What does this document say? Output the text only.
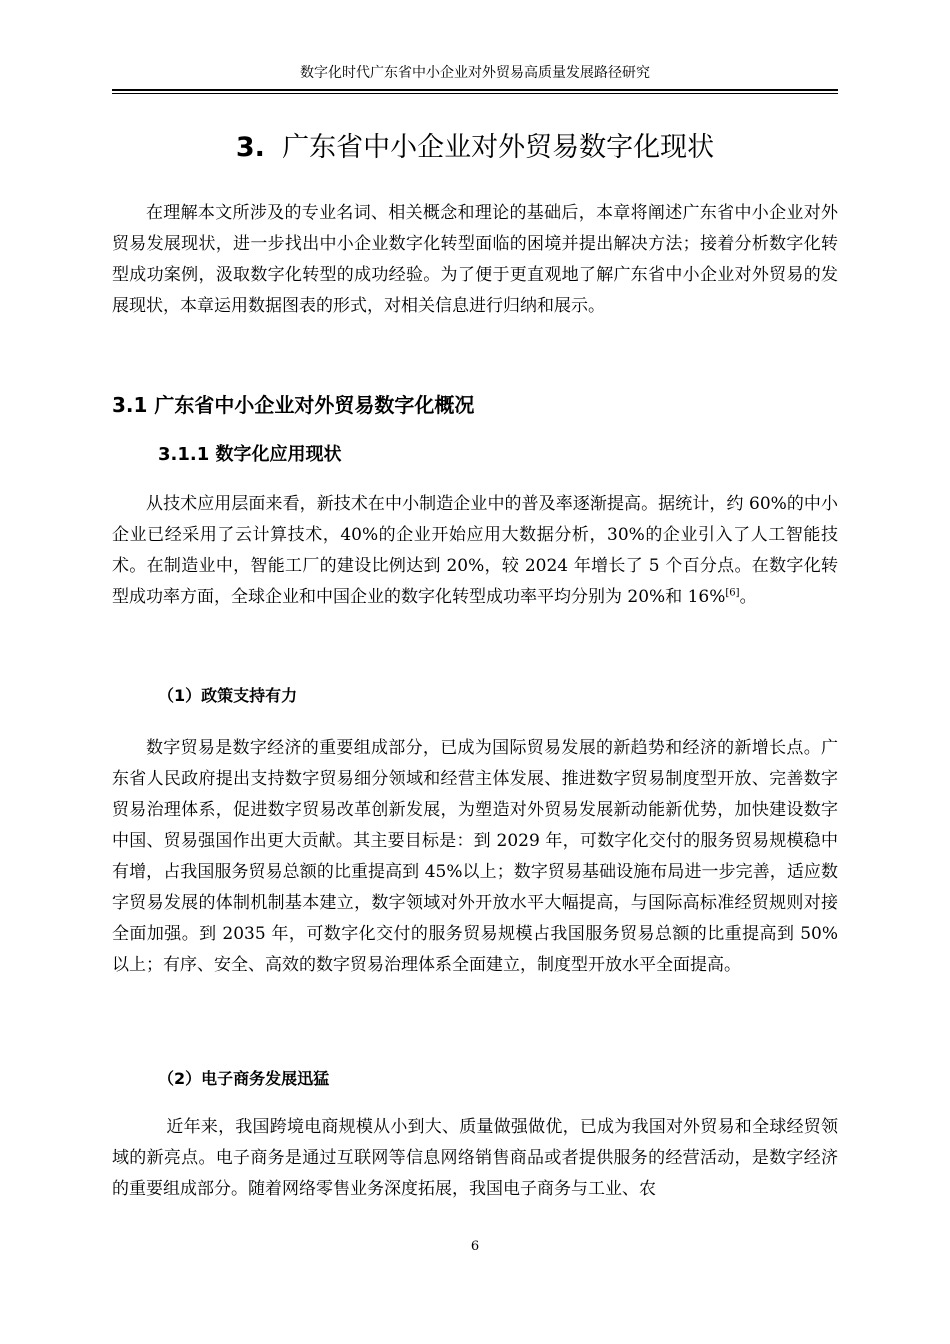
数字化时代广东省中小企业对外贸易高质量发展路径研究
3. 广东省中小企业对外贸易数字化现状
在理解本文所涉及的专业名词、相关概念和理论的基础后，本章将阐述广东省中小企业对外贸易发展现状，进一步找出中小企业数字化转型面临的困境并提出解决方法；接着分析数字化转型成功案例，汲取数字化转型的成功经验。为了便于更直观地了解广东省中小企业对外贸易的发展现状，本章运用数据图表的形式，对相关信息进行归纳和展示。
3.1 广东省中小企业对外贸易数字化概况
3.1.1 数字化应用现状
从技术应用层面来看，新技术在中小制造企业中的普及率逐渐提高。据统计，约 60%的中小企业已经采用了云计算技术，40%的企业开始应用大数据分析，30%的企业引入了人工智能技术。在制造业中，智能工厂的建设比例达到 20%，较 2024 年增长了 5 个百分点。在数字化转型成功率方面，全球企业和中国企业的数字化转型成功率平均分别为 20%和 16%[6]。
（1）政策支持有力
数字贸易是数字经济的重要组成部分，已成为国际贸易发展的新趋势和经济的新增长点。广东省人民政府提出支持数字贸易细分领域和经营主体发展、推进数字贸易制度型开放、完善数字贸易治理体系，促进数字贸易改革创新发展，为塑造对外贸易发展新动能新优势，加快建设数字中国、贸易强国作出更大贡献。其主要目标是：到 2029 年，可数字化交付的服务贸易规模稳中有增，占我国服务贸易总额的比重提高到 45%以上；数字贸易基础设施布局进一步完善，适应数字贸易发展的体制机制基本建立，数字领域对外开放水平大幅提高，与国际高标准经贸规则对接全面加强。到 2035 年，可数字化交付的服务贸易规模占我国服务贸易总额的比重提高到 50%以上；有序、安全、高效的数字贸易治理体系全面建立，制度型开放水平全面提高。
（2）电子商务发展迅猛
近年来，我国跨境电商规模从小到大、质量做强做优，已成为我国对外贸易和全球经贸领域的新亮点。电子商务是通过互联网等信息网络销售商品或者提供服务的经营活动，是数字经济的重要组成部分。随着网络零售业务深度拓展，我国电子商务与工业、农
6
